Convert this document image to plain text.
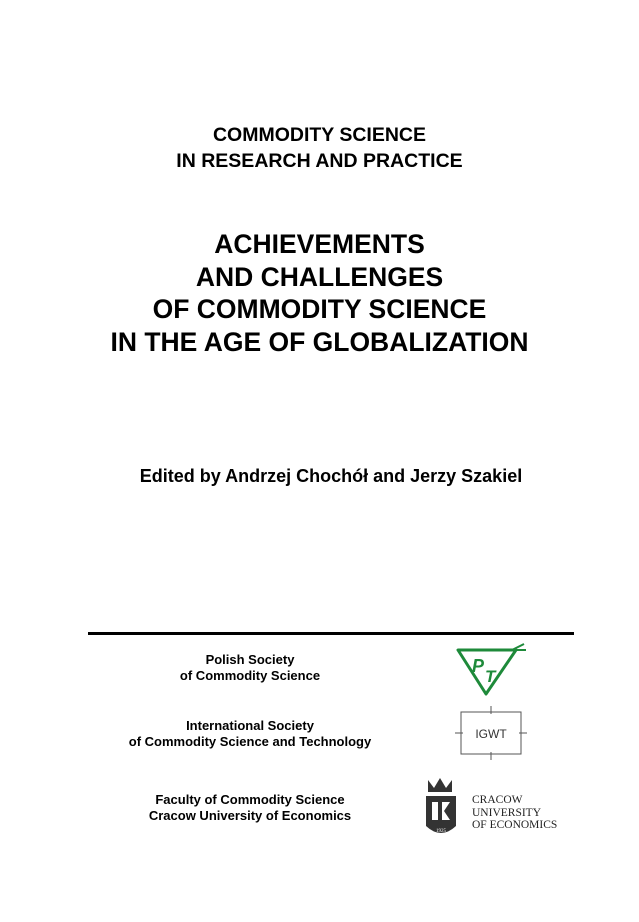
COMMODITY SCIENCE
IN RESEARCH AND PRACTICE
ACHIEVEMENTS
AND CHALLENGES
OF COMMODITY SCIENCE
IN THE AGE OF GLOBALIZATION
Edited by Andrzej Chochół and Jerzy Szakiel
Polish Society
of Commodity Science	P
T
International Society
of Commodity Science and Technology	IGWT
Faculty of Commodity Science
Cracow University of Economics
1925
CRACOW
UNIVERSITY
OF ECONOMICS
